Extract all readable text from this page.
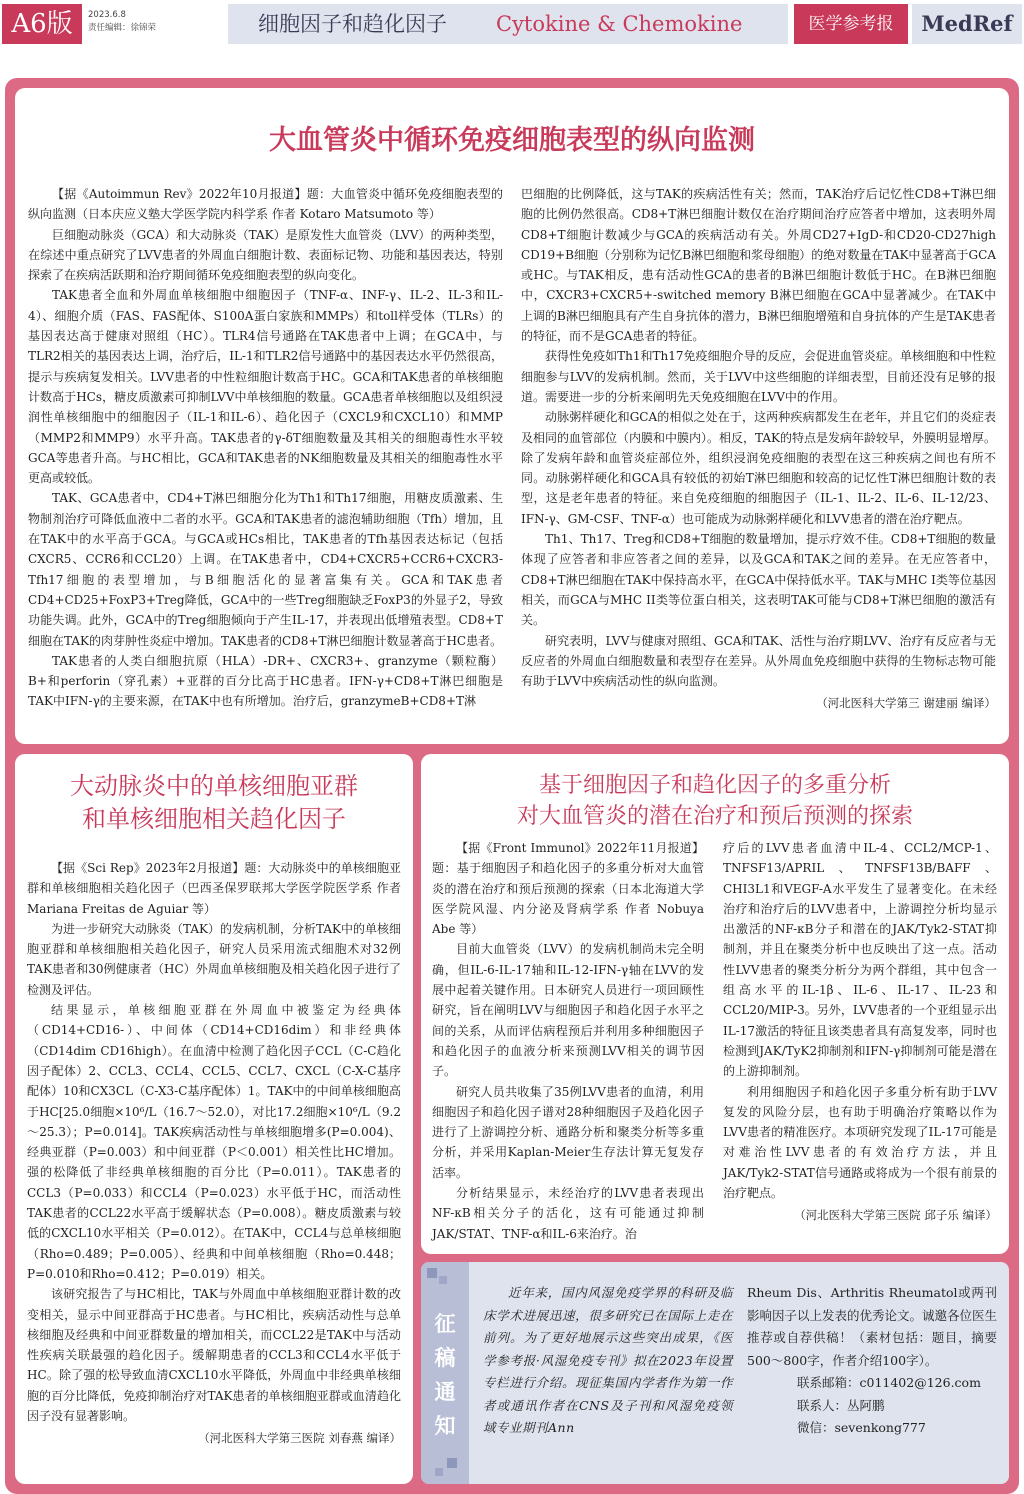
A6版	2023.6.8
责任编辑：徐锦荣	细胞因子和趋化因子 Cytokine & Chemokine	医学参考报	MedRef
大血管炎中循环免疫细胞表型的纵向监测

【据《Autoimmun Rev》2022年10月报道】题：大血管炎中循环免疫细胞表型的纵向监测（日本庆应义塾大学医学院内科学系 作者 Kotaro Matsumoto 等）

巨细胞动脉炎（GCA）和大动脉炎（TAK）是原发性大血管炎（LVV）的两种类型，在综述中重点研究了LVV患者的外周血白细胞计数、表面标记物、功能和基因表达，特别探索了在疾病活跃期和治疗期间循环免疫细胞表型的纵向变化。

TAK患者全血和外周血单核细胞中细胞因子（TNF-α、INF-γ、IL-2、IL-3和IL-4）、细胞介质（FAS、FAS配体、S100A蛋白家族和MMPs）和toll样受体（TLRs）的基因表达高于健康对照组（HC）。TLR4信号通路在TAK患者中上调；在GCA中，与TLR2相关的基因表达上调，治疗后，IL-1和TLR2信号通路中的基因表达水平仍然很高，提示与疾病复发相关。LVV患者的中性粒细胞计数高于HC。GCA和TAK患者的单核细胞计数高于HCs，糖皮质激素可抑制LVV中单核细胞的数量。GCA患者单核细胞以及组织浸润性单核细胞中的细胞因子（IL-1和IL-6）、趋化因子（CXCL9和CXCL10）和MMP（MMP2和MMP9）水平升高。TAK患者的γ-δT细胞数量及其相关的细胞毒性水平较GCA等患者升高。与HC相比，GCA和TAK患者的NK细胞数量及其相关的细胞毒性水平更高或较低。

TAK、GCA患者中，CD4+T淋巴细胞分化为Th1和Th17细胞，用糖皮质激素、生物制剂治疗可降低血液中二者的水平。GCA和TAK患者的滤泡辅助细胞（Tfh）增加，且在TAK中的水平高于GCA。与GCA或HCs相比，TAK患者的Tfh基因表达标记（包括CXCR5、CCR6和CCL20）上调。在TAK患者中，CD4+CXCR5+CCR6+CXCR3-Tfh17细胞的表型增加，与B细胞活化的显著富集有关。GCA和TAK患者CD4+CD25+FoxP3+Treg降低，GCA中的一些Treg细胞缺乏FoxP3的外显子2，导致功能失调。此外，GCA中的Treg细胞倾向于产生IL-17，并表现出低增殖表型。CD8+T细胞在TAK的肉芽肿性炎症中增加。TAK患者的CD8+T淋巴细胞计数显著高于HC患者。

TAK患者的人类白细胞抗原（HLA）-DR+、CXCR3+、granzyme（颗粒酶）B+和perforin（穿孔素）+亚群的百分比高于HC患者。IFN-γ+CD8+T淋巴细胞是TAK中IFN-γ的主要来源，在TAK中也有所增加。治疗后，granzymeB+CD8+T淋

巴细胞的比例降低，这与TAK的疾病活性有关；然而，TAK治疗后记忆性CD8+T淋巴细胞的比例仍然很高。CD8+T淋巴细胞计数仅在治疗期间治疗应答者中增加，这表明外周CD8+T细胞计数减少与GCA的疾病活动有关。外周CD27+IgD-和CD20-CD27high CD19+B细胞（分别称为记忆B淋巴细胞和浆母细胞）的绝对数量在TAK中显著高于GCA或HC。与TAK相反，患有活动性GCA的患者的B淋巴细胞计数低于HC。在B淋巴细胞中，CXCR3+CXCR5+-switched memory B淋巴细胞在GCA中显著减少。在TAK中上调的B淋巴细胞具有产生自身抗体的潜力，B淋巴细胞增殖和自身抗体的产生是TAK患者的特征，而不是GCA患者的特征。

获得性免疫如Th1和Th17免疫细胞介导的反应，会促进血管炎症。单核细胞和中性粒细胞参与LVV的发病机制。然而，关于LVV中这些细胞的详细表型，目前还没有足够的报道。需要进一步的分析来阐明先天免疫细胞在LVV中的作用。

动脉粥样硬化和GCA的相似之处在于，这两种疾病都发生在老年，并且它们的炎症表及相同的血管部位（内膜和中膜内）。相反，TAK的特点是发病年龄较早，外膜明显增厚。除了发病年龄和血管炎症部位外，组织浸润免疫细胞的表型在这三种疾病之间也有所不同。动脉粥样硬化和GCA具有较低的初始T淋巴细胞和较高的记忆性T淋巴细胞计数的表型，这是老年患者的特征。来自免疫细胞的细胞因子（IL-1、IL-2、IL-6、IL-12/23、IFN-γ、GM-CSF、TNF-α）也可能成为动脉粥样硬化和LVV患者的潜在治疗靶点。

Th1、Th17、Treg和CD8+T细胞的数量增加，提示疗效不佳。CD8+T细胞的数量体现了应答者和非应答者之间的差异，以及GCA和TAK之间的差异。在无应答者中，CD8+T淋巴细胞在TAK中保持高水平，在GCA中保持低水平。TAK与MHC I类等位基因相关，而GCA与MHC II类等位蛋白相关，这表明TAK可能与CD8+T淋巴细胞的激活有关。

研究表明，LVV与健康对照组、GCA和TAK、活性与治疗期LVV、治疗有反应者与无反应者的外周血白细胞数量和表型存在差异。从外周血免疫细胞中获得的生物标志物可能有助于LVV中疾病活动性的纵向监测。

（河北医科大学第三 谢建丽 编译）
大动脉炎中的单核细胞亚群
和单核细胞相关趋化因子

【据《Sci Rep》2023年2月报道】题：大动脉炎中的单核细胞亚群和单核细胞相关趋化因子（巴西圣保罗联邦大学医学院医学系 作者 Mariana Freitas de Aguiar 等）

为进一步研究大动脉炎（TAK）的发病机制，分析TAK中的单核细胞亚群和单核细胞相关趋化因子，研究人员采用流式细胞术对32例TAK患者和30例健康者（HC）外周血单核细胞及相关趋化因子进行了检测及评估。

结果显示，单核细胞亚群在外周血中被鉴定为经典体（CD14+CD16-）、中间体（CD14+CD16dim）和非经典体（CD14dim CD16high）。在血清中检测了趋化因子CCL（C-C趋化因子配体）2、CCL3、CCL4、CCL5、CCL7、CXCL（C-X-C基序配体）10和CX3CL（C-X3-C基序配体）1。TAK中的中间单核细胞高于HC[25.0细胞×10⁶/L（16.7～52.0），对比17.2细胞×10⁶/L（9.2～25.3）；P=0.014]。TAK疾病活动性与单核细胞增多(P=0.004)、经典亚群（P=0.003）和中间亚群（P＜0.001）相关性比HC增加。强的松降低了非经典单核细胞的百分比（P=0.011）。TAK患者的CCL3（P=0.033）和CCL4（P=0.023）水平低于HC，而活动性TAK患者的CCL22水平高于缓解状态（P=0.008）。糖皮质激素与较低的CXCL10水平相关（P=0.012）。在TAK中，CCL4与总单核细胞（Rho=0.489；P=0.005）、经典和中间单核细胞（Rho=0.448；P=0.010和Rho=0.412；P=0.019）相关。

该研究报告了与HC相比，TAK与外周血中单核细胞亚群计数的改变相关，显示中间亚群高于HC患者。与HC相比，疾病活动性与总单核细胞及经典和中间亚群数量的增加相关，而CCL22是TAK中与活动性疾病关联最强的趋化因子。缓解期患者的CCL3和CCL4水平低于HC。除了强的松导致血清CXCL10水平降低，外周血中非经典单核细胞的百分比降低，免疫抑制治疗对TAK患者的单核细胞亚群或血清趋化因子没有显著影响。

（河北医科大学第三医院 刘春燕 编译）
基于细胞因子和趋化因子的多重分析
对大血管炎的潜在治疗和预后预测的探索

【据《Front Immunol》2022年11月报道】题：基于细胞因子和趋化因子的多重分析对大血管炎的潜在治疗和预后预测的探索（日本北海道大学医学院风湿、内分泌及肾病学系 作者 Nobuya Abe 等）

目前大血管炎（LVV）的发病机制尚未完全明确，但IL-6-IL-17轴和IL-12-IFN-γ轴在LVV的发展中起着关键作用。日本研究人员进行一项回顾性研究，旨在阐明LVV与细胞因子和趋化因子水平之间的关系，从而评估病程预后并利用多种细胞因子和趋化因子的血液分析来预测LVV相关的调节因子。

研究人员共收集了35例LVV患者的血清，利用细胞因子和趋化因子谱对28种细胞因子及趋化因子进行了上游调控分析、通路分析和聚类分析等多重分析，并采用Kaplan-Meier生存法计算无复发存活率。

分析结果显示，未经治疗的LVV患者表现出NF-κB相关分子的活化，这有可能通过抑制JAK/STAT、TNF-α和IL-6来治疗。治

疗后的LVV患者血清中IL-4、CCL2/MCP-1、TNFSF13/APRIL、TNFSF13B/BAFF、CHI3L1和VEGF-A水平发生了显著变化。在未经治疗和治疗后的LVV患者中，上游调控分析均显示出激活的NF-κB分子和潜在的JAK/Tyk2-STAT抑制剂，并且在聚类分析中也反映出了这一点。活动性LVV患者的聚类分析分为两个群组，其中包含一组高水平的IL-1β、IL-6、IL-17、IL-23和CCL20/MIP-3。另外，LVV患者的一个亚组显示出IL-17激活的特征且该类患者具有高复发率，同时也检测到JAK/TyK2抑制剂和IFN-γ抑制剂可能是潜在的上游抑制剂。

利用细胞因子和趋化因子多重分析有助于LVV复发的风险分层，也有助于明确治疗策略以作为LVV患者的精准医疗。本项研究发现了IL-17可能是对难治性LVV患者的有效治疗方法，并且JAK/Tyk2-STAT信号通路或将成为一个很有前景的治疗靶点。

（河北医科大学第三医院 邱子乐 编译）
征
稿
通
知

近年来，国内风湿免疫学界的科研及临床学术进展迅速，很多研究已在国际上走在前列。为了更好地展示这些突出成果，《医学参考报·风湿免疫专刊》拟在2023年设置专栏进行介绍。现征集国内学者作为第一作者或通讯作者在CNS及子刊和风湿免疫领域专业期刊Ann

Rheum Dis、Arthritis Rheumatol或两刊影响因子以上发表的优秀论文。诚邀各位医生推荐或自荐供稿！（素材包括：题目，摘要500～800字，作者介绍100字）。

联系邮箱：c011402@126.com

联系人：丛阿鹏

微信：sevenkong777
